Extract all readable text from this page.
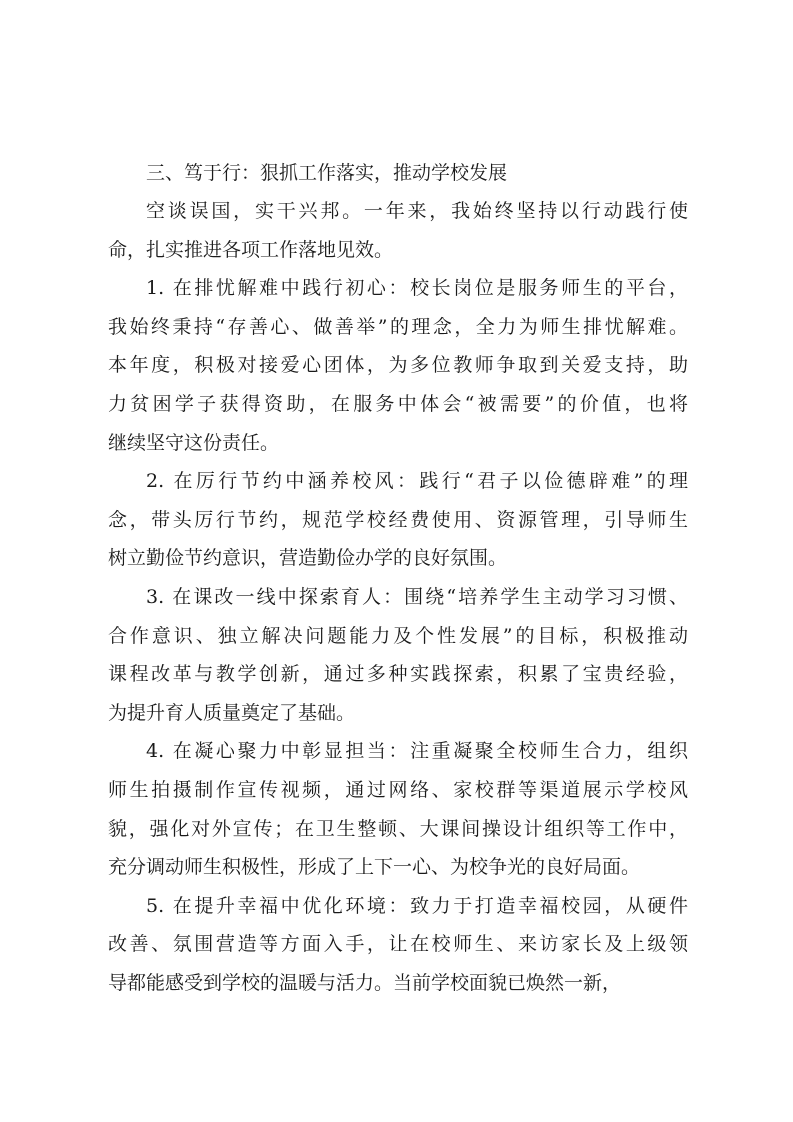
三、笃于行：狠抓工作落实，推动学校发展
空谈误国，实干兴邦。一年来，我始终坚持以行动践行使
命，扎实推进各项工作落地见效。
1. 在排忧解难中践行初心：校长岗位是服务师生的平台，
我始终秉持“存善心、做善举”的理念，全力为师生排忧解难。
本年度，积极对接爱心团体，为多位教师争取到关爱支持，助
力贫困学子获得资助，在服务中体会“被需要”的价值，也将
继续坚守这份责任。
2. 在厉行节约中涵养校风：践行“君子以俭德辟难”的理
念，带头厉行节约，规范学校经费使用、资源管理，引导师生
树立勤俭节约意识，营造勤俭办学的良好氛围。
3. 在课改一线中探索育人：围绕“培养学生主动学习习惯、
合作意识、独立解决问题能力及个性发展”的目标，积极推动
课程改革与教学创新，通过多种实践探索，积累了宝贵经验，
为提升育人质量奠定了基础。
4. 在凝心聚力中彰显担当：注重凝聚全校师生合力，组织
师生拍摄制作宣传视频，通过网络、家校群等渠道展示学校风
貌，强化对外宣传；在卫生整顿、大课间操设计组织等工作中，
充分调动师生积极性，形成了上下一心、为校争光的良好局面。
5. 在提升幸福中优化环境：致力于打造幸福校园，从硬件
改善、氛围营造等方面入手，让在校师生、来访家长及上级领
导都能感受到学校的温暖与活力。当前学校面貌已焕然一新，
